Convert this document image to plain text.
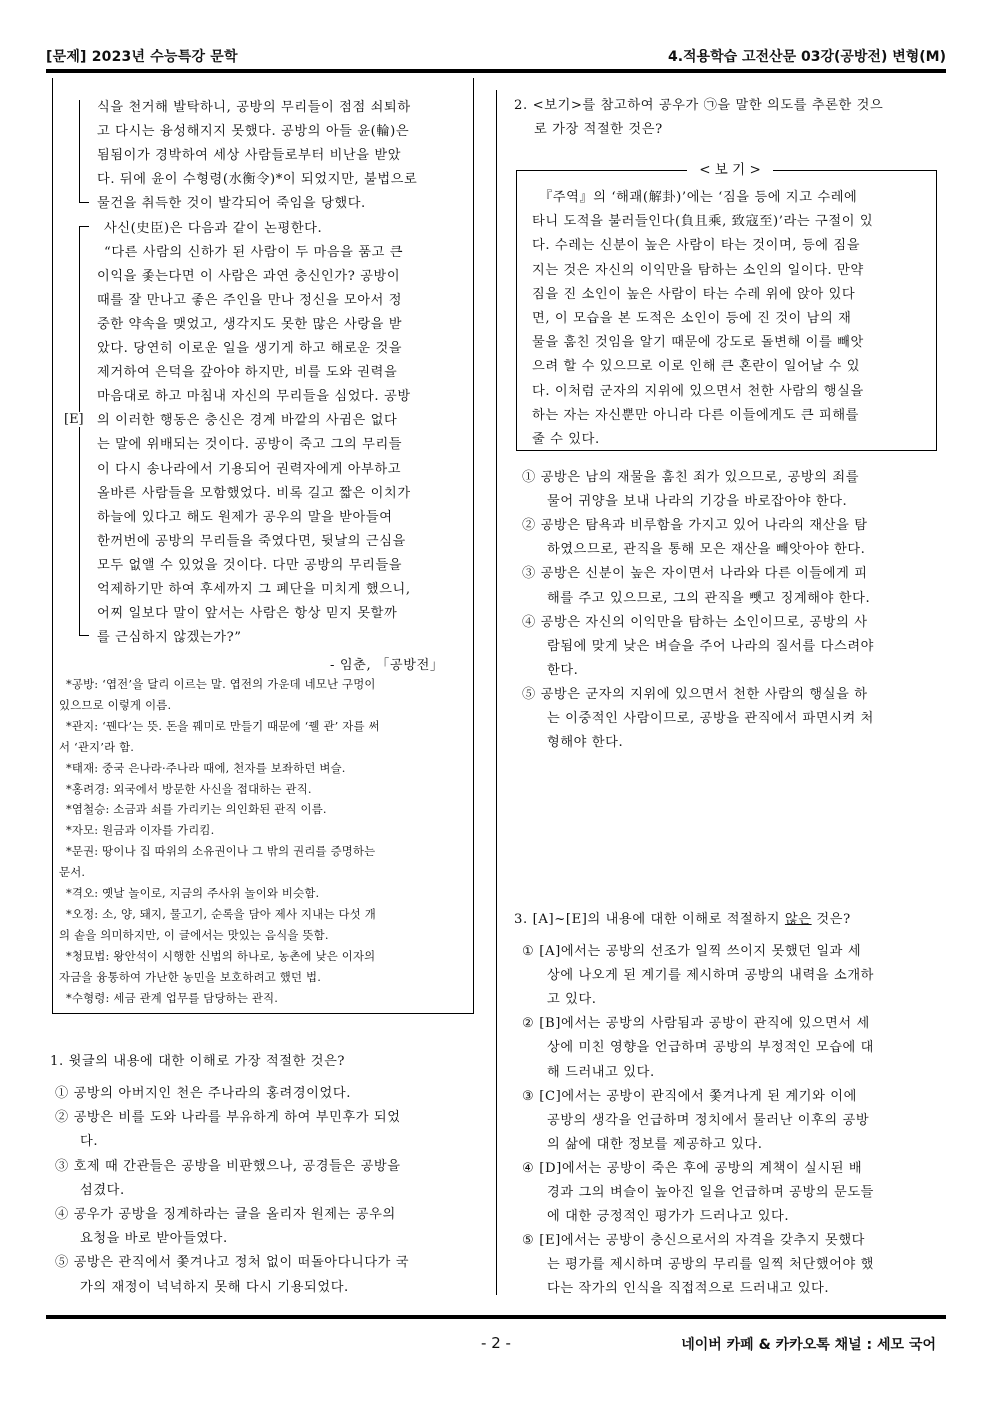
[문제] 2023년 수능특강 문학	4.적용학습 고전산문 03강(공방전) 변형(M)
[E]
식을 천거해 발탁하니, 공방의 무리들이 점점 쇠퇴하
고 다시는 융성해지지 못했다. 공방의 아들 윤(輪)은
됨됨이가 경박하여 세상 사람들로부터 비난을 받았
다. 뒤에 윤이 수형령(水衡令)*이 되었지만, 불법으로
물건을 취득한 것이 발각되어 죽임을 당했다.
사신(史臣)은 다음과 같이 논평한다.
“다른 사람의 신하가 된 사람이 두 마음을 품고 큰
이익을 좇는다면 이 사람은 과연 충신인가? 공방이
때를 잘 만나고 좋은 주인을 만나 정신을 모아서 정
중한 약속을 맺었고, 생각지도 못한 많은 사랑을 받
았다. 당연히 이로운 일을 생기게 하고 해로운 것을
제거하여 은덕을 갚아야 하지만, 비를 도와 권력을
마음대로 하고 마침내 자신의 무리들을 심었다. 공방
의 이러한 행동은 충신은 경계 바깥의 사귐은 없다
는 말에 위배되는 것이다. 공방이 죽고 그의 무리들
이 다시 송나라에서 기용되어 권력자에게 아부하고
올바른 사람들을 모함했었다. 비록 길고 짧은 이치가
하늘에 있다고 해도 원제가 공우의 말을 받아들여
한꺼번에 공방의 무리들을 죽였다면, 뒷날의 근심을
모두 없앨 수 있었을 것이다. 다만 공방의 무리들을
억제하기만 하여 후세까지 그 폐단을 미치게 했으니,
어찌 일보다 말이 앞서는 사람은 항상 믿지 못할까
를 근심하지 않겠는가?”
- 임춘, 「공방전」
*공방: ‘엽전’을 달리 이르는 말. 엽전의 가운데 네모난 구멍이
있으므로 이렇게 이름.
*관지: ‘꿴다’는 뜻. 돈을 꿰미로 만들기 때문에 ‘꿸 관’ 자를 써
서 ‘관지’라 함.
*태재: 중국 은나라·주나라 때에, 천자를 보좌하던 벼슬.
*홍려경: 외국에서 방문한 사신을 접대하는 관직.
*염철승: 소금과 쇠를 가리키는 의인화된 관직 이름.
*자모: 원금과 이자를 가리킴.
*문권: 땅이나 집 따위의 소유권이나 그 밖의 권리를 증명하는
문서.
*격오: 옛날 놀이로, 지금의 주사위 놀이와 비슷함.
*오정: 소, 양, 돼지, 물고기, 순록을 담아 제사 지내는 다섯 개
의 솥을 의미하지만, 이 글에서는 맛있는 음식을 뜻함.
*청묘법: 왕안석이 시행한 신법의 하나로, 농촌에 낮은 이자의
자금을 융통하여 가난한 농민을 보호하려고 했던 법.
*수형령: 세금 관계 업무를 담당하는 관직.
1. 윗글의 내용에 대한 이해로 가장 적절한 것은?
① 공방의 아버지인 천은 주나라의 홍려경이었다.
② 공방은 비를 도와 나라를 부유하게 하여 부민후가 되었
다.
③ 호제 때 간관들은 공방을 비판했으나, 공경들은 공방을
섬겼다.
④ 공우가 공방을 징계하라는 글을 올리자 원제는 공우의
요청을 바로 받아들였다.
⑤ 공방은 관직에서 쫓겨나고 정처 없이 떠돌아다니다가 국
가의 재정이 넉넉하지 못해 다시 기용되었다.
2. <보기>를 참고하여 공우가 ㉠을 말한 의도를 추론한 것으
로 가장 적절한 것은?
< 보 기 >
『주역』의 ‘해괘(解卦)’에는 ‘짐을 등에 지고 수레에
타니 도적을 불러들인다(負且乘, 致寇至)’라는 구절이 있
다. 수레는 신분이 높은 사람이 타는 것이며, 등에 짐을
지는 것은 자신의 이익만을 탐하는 소인의 일이다. 만약
짐을 진 소인이 높은 사람이 타는 수레 위에 앉아 있다
면, 이 모습을 본 도적은 소인이 등에 진 것이 남의 재
물을 훔친 것임을 알기 때문에 강도로 돌변해 이를 빼앗
으려 할 수 있으므로 이로 인해 큰 혼란이 일어날 수 있
다. 이처럼 군자의 지위에 있으면서 천한 사람의 행실을
하는 자는 자신뿐만 아니라 다른 이들에게도 큰 피해를
줄 수 있다.
① 공방은 남의 재물을 훔친 죄가 있으므로, 공방의 죄를
물어 귀양을 보내 나라의 기강을 바로잡아야 한다.
② 공방은 탐욕과 비루함을 가지고 있어 나라의 재산을 탐
하였으므로, 관직을 통해 모은 재산을 빼앗아야 한다.
③ 공방은 신분이 높은 자이면서 나라와 다른 이들에게 피
해를 주고 있으므로, 그의 관직을 뺏고 징계해야 한다.
④ 공방은 자신의 이익만을 탐하는 소인이므로, 공방의 사
람됨에 맞게 낮은 벼슬을 주어 나라의 질서를 다스려야
한다.
⑤ 공방은 군자의 지위에 있으면서 천한 사람의 행실을 하
는 이중적인 사람이므로, 공방을 관직에서 파면시켜 처
형해야 한다.
3. [A]~[E]의 내용에 대한 이해로 적절하지 않은 것은?
① [A]에서는 공방의 선조가 일찍 쓰이지 못했던 일과 세
상에 나오게 된 계기를 제시하며 공방의 내력을 소개하
고 있다.
② [B]에서는 공방의 사람됨과 공방이 관직에 있으면서 세
상에 미친 영향을 언급하며 공방의 부정적인 모습에 대
해 드러내고 있다.
③ [C]에서는 공방이 관직에서 쫓겨나게 된 계기와 이에
공방의 생각을 언급하며 정치에서 물러난 이후의 공방
의 삶에 대한 정보를 제공하고 있다.
④ [D]에서는 공방이 죽은 후에 공방의 계책이 실시된 배
경과 그의 벼슬이 높아진 일을 언급하며 공방의 문도들
에 대한 긍정적인 평가가 드러나고 있다.
⑤ [E]에서는 공방이 충신으로서의 자격을 갖추지 못했다
는 평가를 제시하며 공방의 무리를 일찍 처단했어야 했
다는 작가의 인식을 직접적으로 드러내고 있다.
- 2 -	네이버 카페 & 카카오톡 채널 : 세모 국어
